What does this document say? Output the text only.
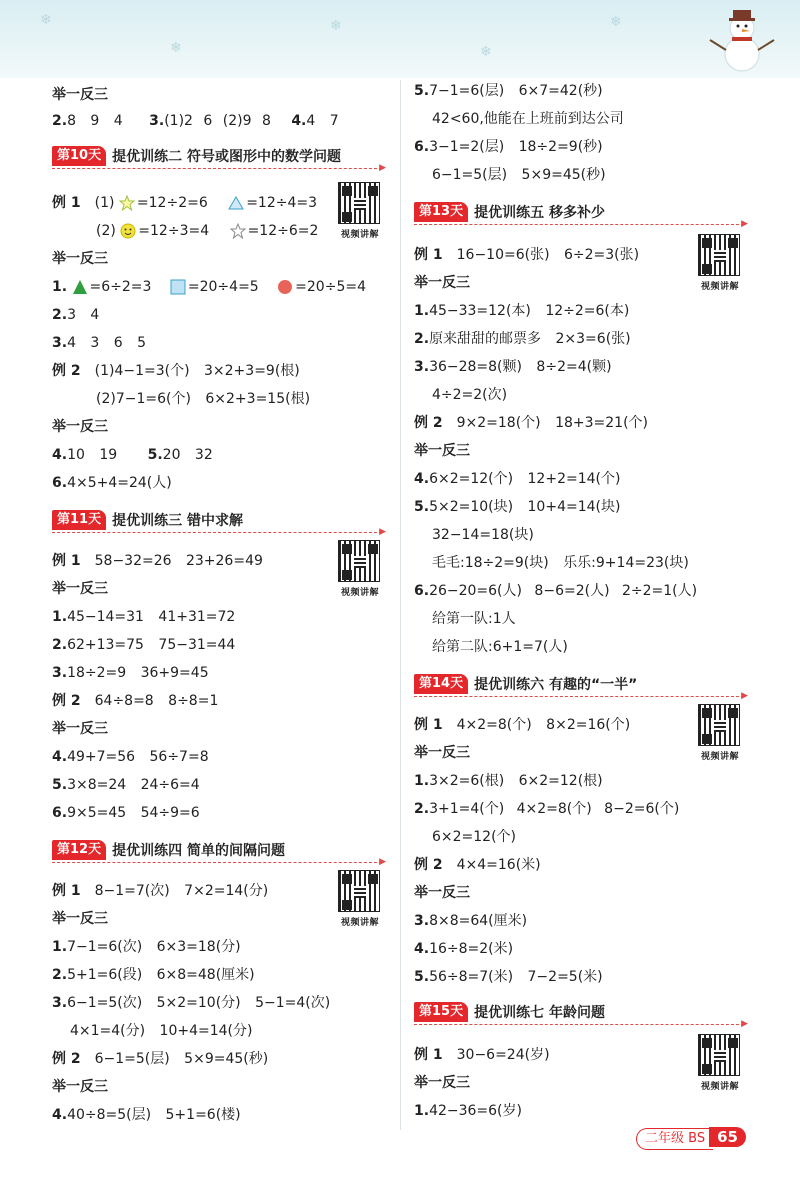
❄
❄
❄
❄
❄
举一反三
2.8 9 4 3.(1)2 6 (2)9 8 4.4 7
第10天 提优训练二 符号或图形中的数学问题
▶
视频讲解
例 1 (1) =12÷2=6	=12÷4=3
(2) =12÷3=4	=12÷6=2
举一反三
1. =6÷2=3	=20÷4=5	=20÷5=4
2.3 4
3.4 3 6 5
例 2 (1)4−1=3(个) 3×2+3=9(根)
(2)7−1=6(个) 6×2+3=15(根)
举一反三
4.10 19 5.20 32
6.4×5+4=24(人)
第11天 提优训练三 错中求解
▶
视频讲解
例 1 58−32=26 23+26=49
举一反三
1.45−14=31 41+31=72
2.62+13=75 75−31=44
3.18÷2=9 36+9=45
例 2 64÷8=8 8÷8=1
举一反三
4.49+7=56 56÷7=8
5.3×8=24 24÷6=4
6.9×5=45 54÷9=6
第12天 提优训练四 简单的间隔问题
▶
视频讲解
例 1 8−1=7(次) 7×2=14(分)
举一反三
1.7−1=6(次) 6×3=18(分)
2.5+1=6(段) 6×8=48(厘米)
3.6−1=5(次) 5×2=10(分) 5−1=4(次)
4×1=4(分) 10+4=14(分)
例 2 6−1=5(层) 5×9=45(秒)
举一反三
4.40÷8=5(层) 5+1=6(楼)
5.7−1=6(层) 6×7=42(秒)
42<60,他能在上班前到达公司
6.3−1=2(层) 18÷2=9(秒)
6−1=5(层) 5×9=45(秒)
第13天 提优训练五 移多补少
▶
视频讲解
例 1 16−10=6(张) 6÷2=3(张)
举一反三
1.45−33=12(本) 12÷2=6(本)
2.原来甜甜的邮票多 2×3=6(张)
3.36−28=8(颗) 8÷2=4(颗)
4÷2=2(次)
例 2 9×2=18(个) 18+3=21(个)
举一反三
4.6×2=12(个) 12+2=14(个)
5.5×2=10(块) 10+4=14(块)
32−14=18(块)
毛毛:18÷2=9(块) 乐乐:9+14=23(块)
6.26−20=6(人) 8−6=2(人) 2÷2=1(人)
给第一队:1人
给第二队:6+1=7(人)
第14天 提优训练六 有趣的“一半”
▶
视频讲解
例 1 4×2=8(个) 8×2=16(个)
举一反三
1.3×2=6(根) 6×2=12(根)
2.3+1=4(个) 4×2=8(个) 8−2=6(个)
6×2=12(个)
例 2 4×4=16(米)
举一反三
3.8×8=64(厘米)
4.16÷8=2(米)
5.56÷8=7(米) 7−2=5(米)
第15天 提优训练七 年龄问题
▶
视频讲解
例 1 30−6=24(岁)
举一反三
1.42−36=6(岁)
二年级 BS 65
